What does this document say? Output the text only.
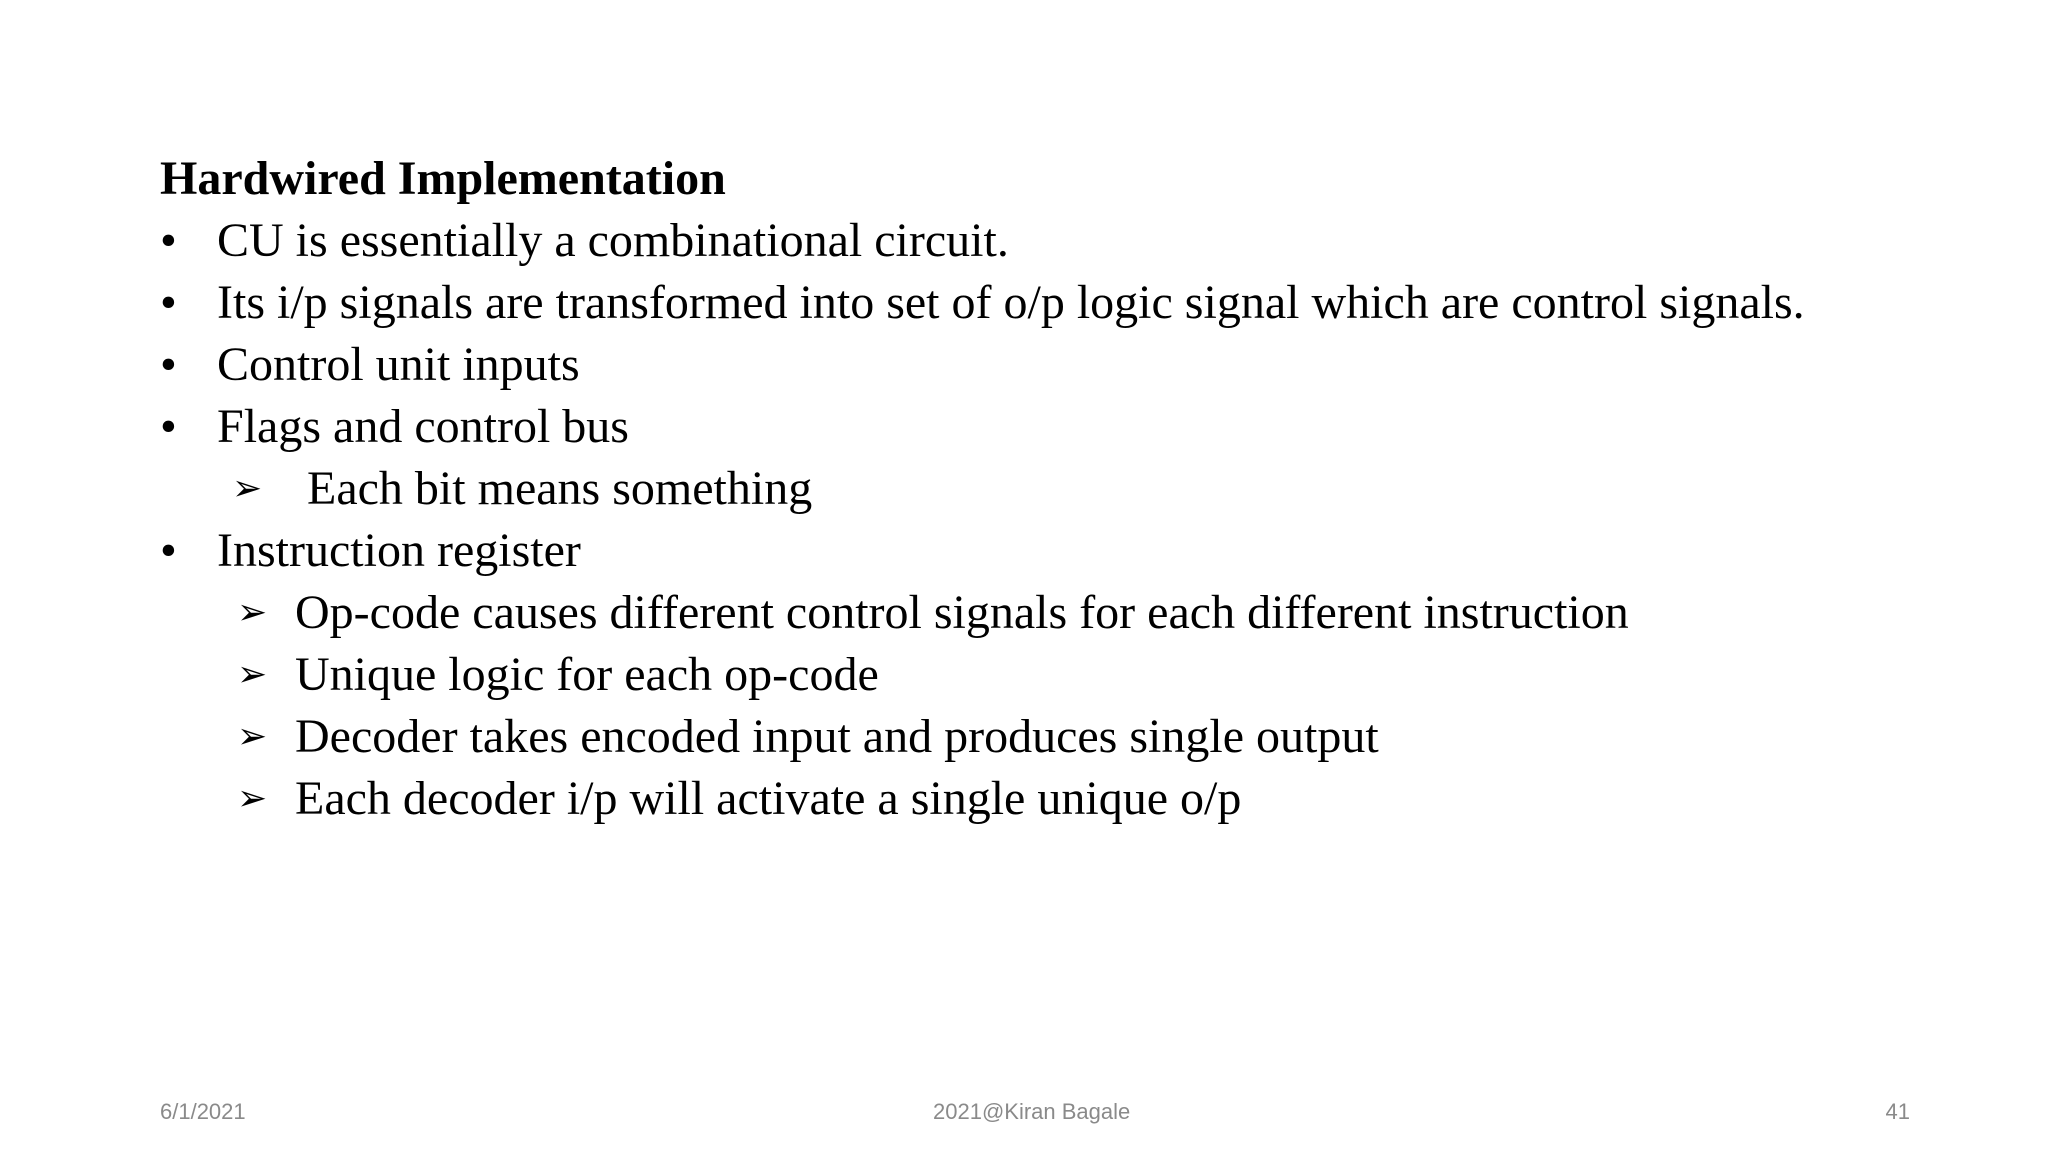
Hardwired Implementation

• CU is essentially a combinational circuit.

• Its i/p signals are transformed into set of o/p logic signal which are control signals.

• Control unit inputs

• Flags and control bus

➢ Each bit means something

• Instruction register

➢ Op-code causes different control signals for each different instruction

➢ Unique logic for each op-code

➢ Decoder takes encoded input and produces single output

➢ Each decoder i/p will activate a single unique o/p

6/1/2021	2021@Kiran Bagale	41
